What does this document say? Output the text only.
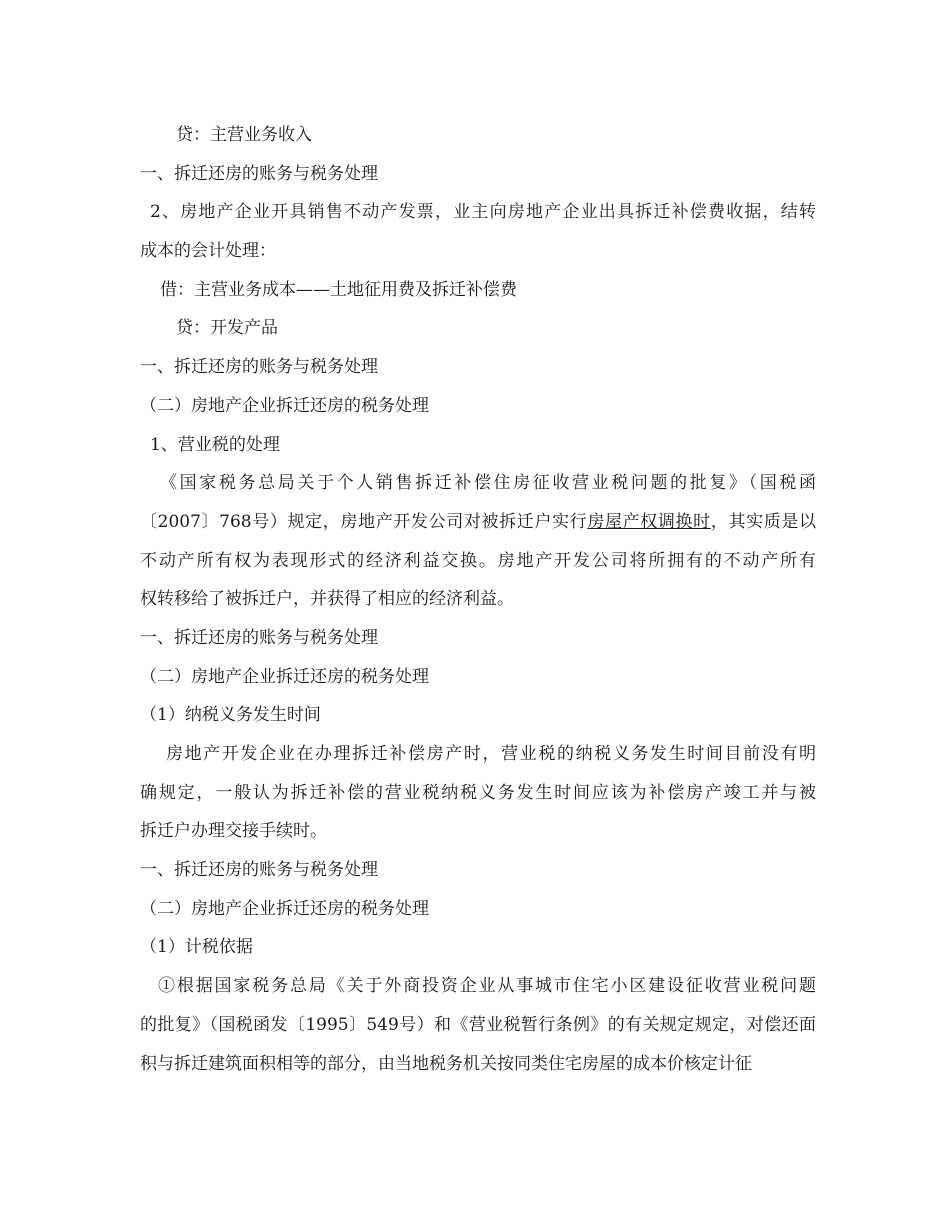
贷：主营业务收入
一、拆迁还房的账务与税务处理
2、房地产企业开具销售不动产发票，业主向房地产企业出具拆迁补偿费收据，结转
成本的会计处理：
借：主营业务成本——土地征用费及拆迁补偿费
贷：开发产品
一、拆迁还房的账务与税务处理
（二）房地产企业拆迁还房的税务处理
1、营业税的处理
《国家税务总局关于个人销售拆迁补偿住房征收营业税问题的批复》（国税函
〔2007〕768号）规定，房地产开发公司对被拆迁户实行房屋产权调换时，其实质是以
不动产所有权为表现形式的经济利益交换。房地产开发公司将所拥有的不动产所有
权转移给了被拆迁户，并获得了相应的经济利益。
一、拆迁还房的账务与税务处理
（二）房地产企业拆迁还房的税务处理
（1）纳税义务发生时间
房地产开发企业在办理拆迁补偿房产时，营业税的纳税义务发生时间目前没有明
确规定，一般认为拆迁补偿的营业税纳税义务发生时间应该为补偿房产竣工并与被
拆迁户办理交接手续时。
一、拆迁还房的账务与税务处理
（二）房地产企业拆迁还房的税务处理
（1）计税依据
①根据国家税务总局《关于外商投资企业从事城市住宅小区建设征收营业税问题
的批复》（国税函发〔1995〕549号）和《营业税暂行条例》的有关规定规定，对偿还面
积与拆迁建筑面积相等的部分，由当地税务机关按同类住宅房屋的成本价核定计征
